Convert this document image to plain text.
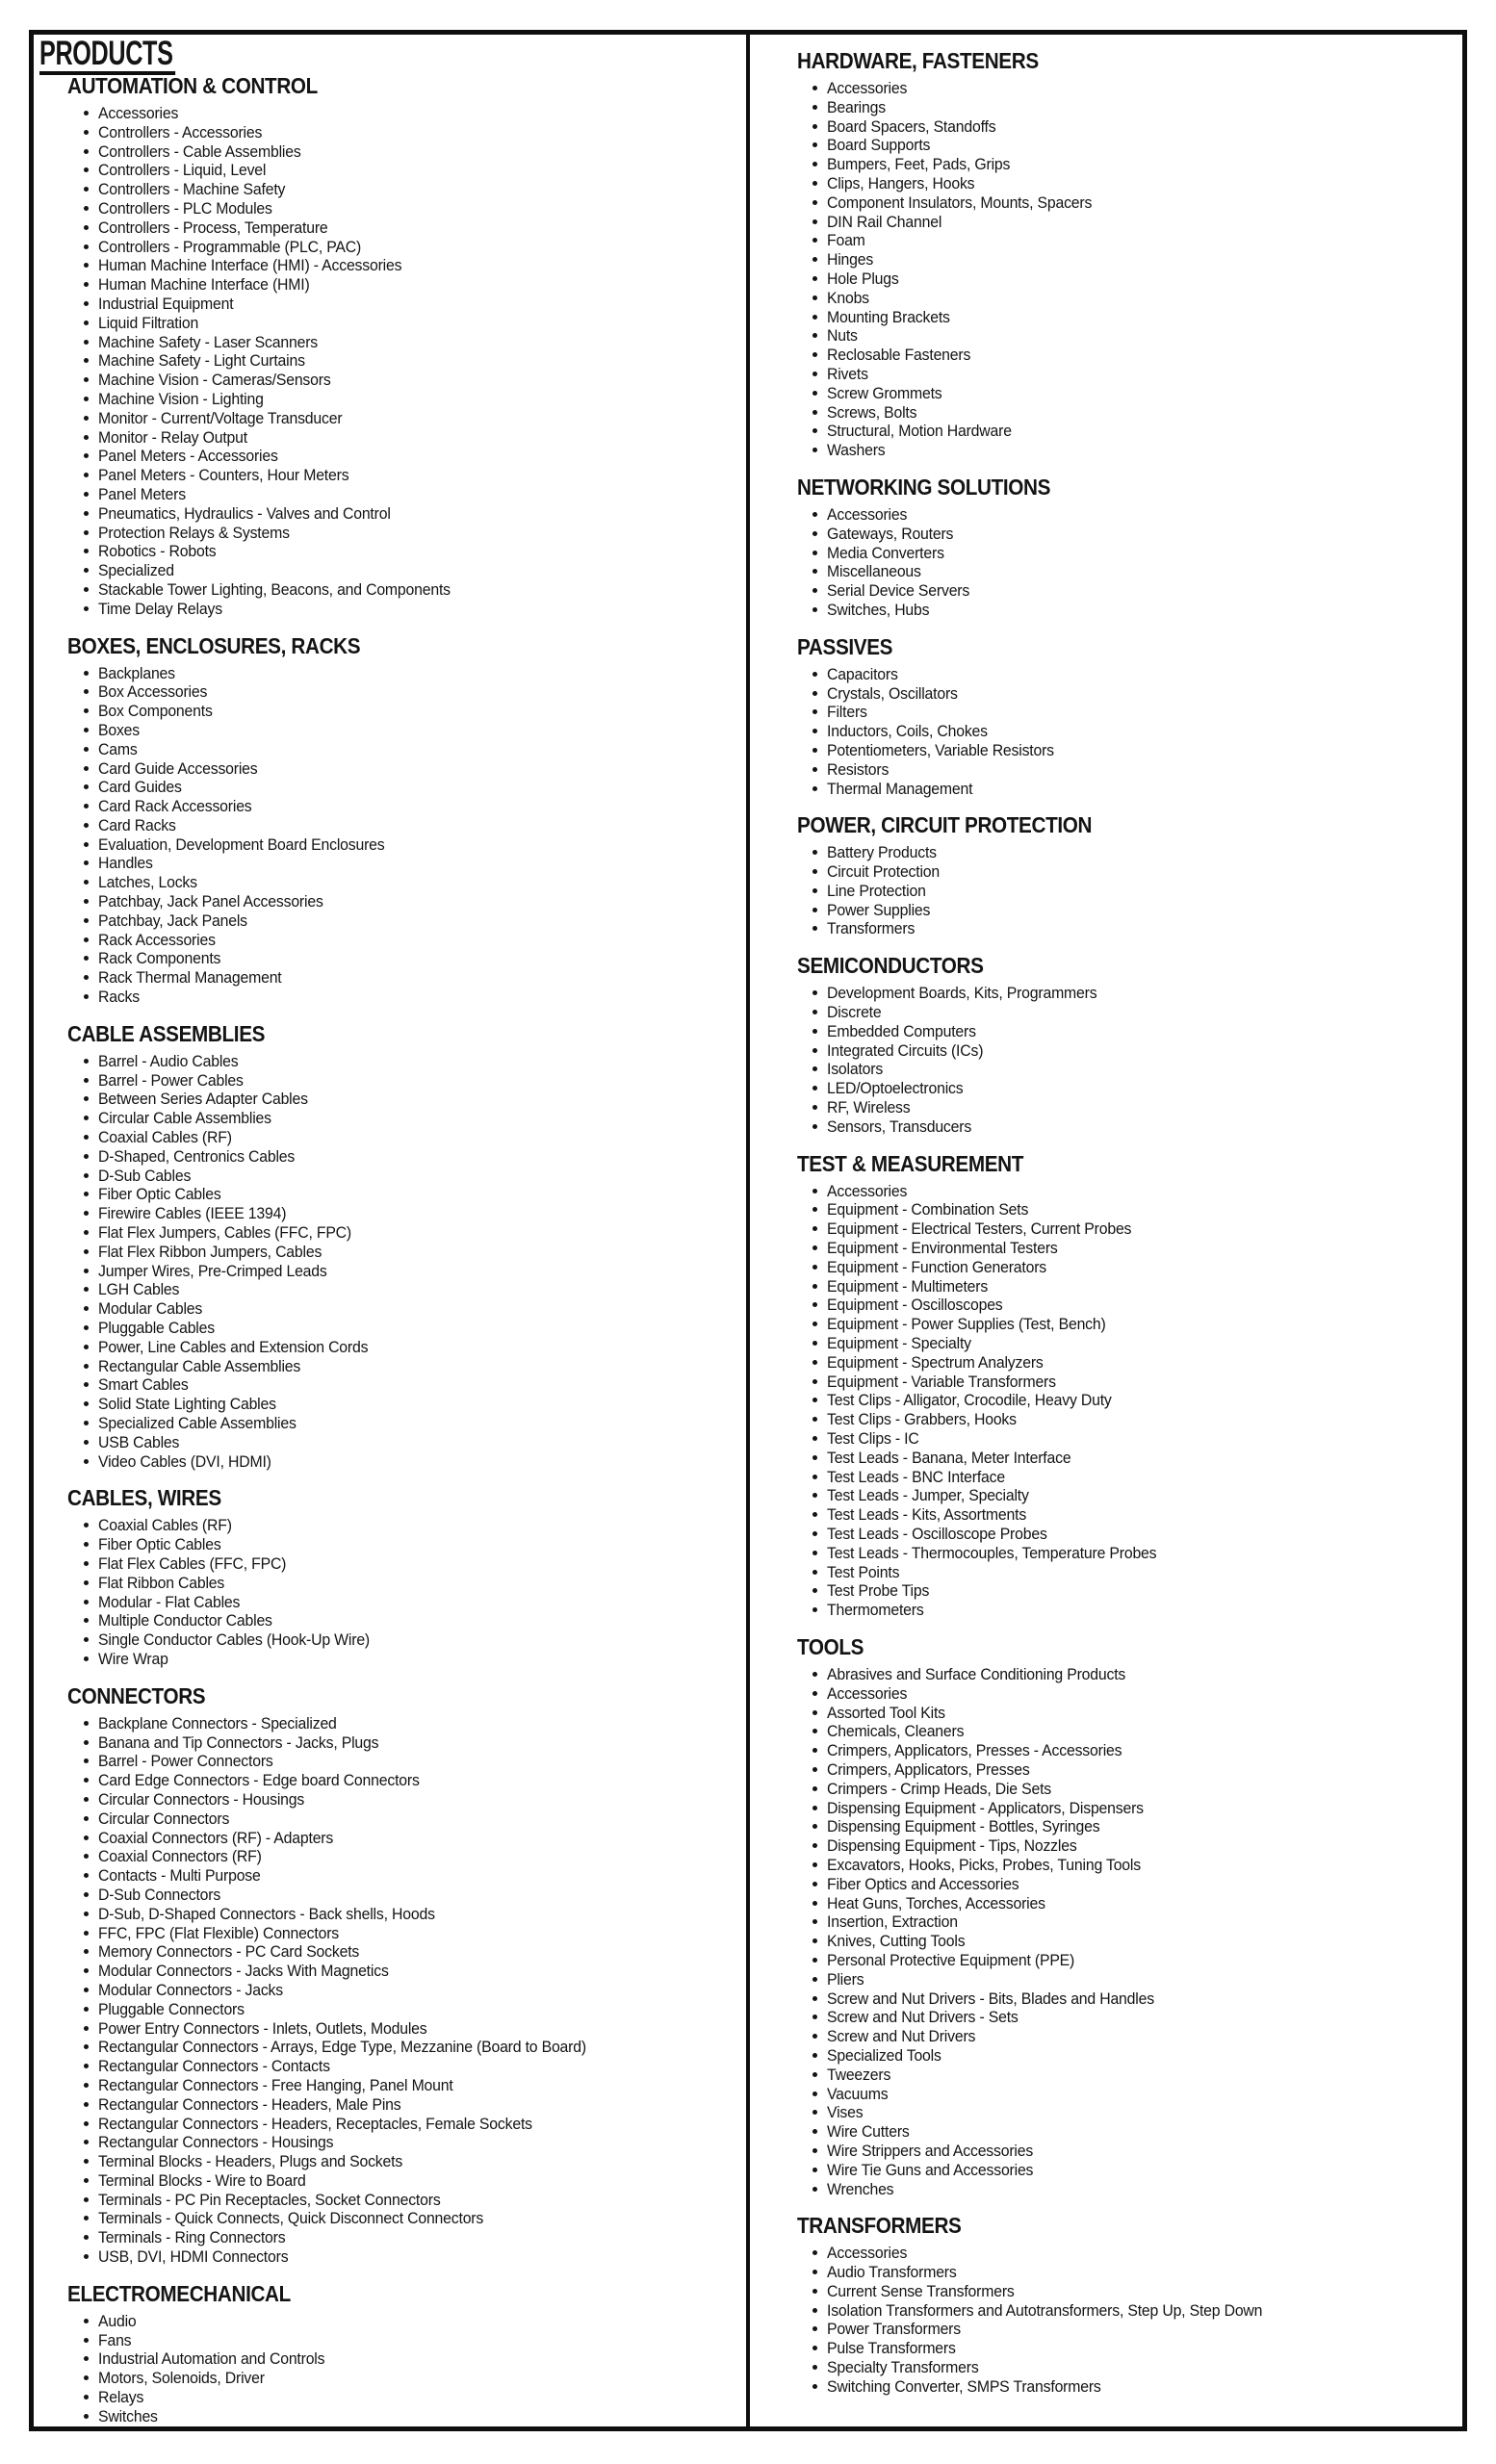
PRODUCTS
AUTOMATION & CONTROL
Accessories
Controllers - Accessories
Controllers - Cable Assemblies
Controllers - Liquid, Level
Controllers - Machine Safety
Controllers - PLC Modules
Controllers - Process, Temperature
Controllers - Programmable (PLC, PAC)
Human Machine Interface (HMI) - Accessories
Human Machine Interface (HMI)
Industrial Equipment
Liquid Filtration
Machine Safety - Laser Scanners
Machine Safety - Light Curtains
Machine Vision - Cameras/Sensors
Machine Vision - Lighting
Monitor - Current/Voltage Transducer
Monitor - Relay Output
Panel Meters - Accessories
Panel Meters - Counters, Hour Meters
Panel Meters
Pneumatics, Hydraulics - Valves and Control
Protection Relays & Systems
Robotics - Robots
Specialized
Stackable Tower Lighting, Beacons, and Components
Time Delay Relays
BOXES, ENCLOSURES, RACKS
Backplanes
Box Accessories
Box Components
Boxes
Cams
Card Guide Accessories
Card Guides
Card Rack Accessories
Card Racks
Evaluation, Development Board Enclosures
Handles
Latches, Locks
Patchbay, Jack Panel Accessories
Patchbay, Jack Panels
Rack Accessories
Rack Components
Rack Thermal Management
Racks
CABLE ASSEMBLIES
Barrel - Audio Cables
Barrel - Power Cables
Between Series Adapter Cables
Circular Cable Assemblies
Coaxial Cables (RF)
D-Shaped, Centronics Cables
D-Sub Cables
Fiber Optic Cables
Firewire Cables (IEEE 1394)
Flat Flex Jumpers, Cables (FFC, FPC)
Flat Flex Ribbon Jumpers, Cables
Jumper Wires, Pre-Crimped Leads
LGH Cables
Modular Cables
Pluggable Cables
Power, Line Cables and Extension Cords
Rectangular Cable Assemblies
Smart Cables
Solid State Lighting Cables
Specialized Cable Assemblies
USB Cables
Video Cables (DVI, HDMI)
CABLES, WIRES
Coaxial Cables (RF)
Fiber Optic Cables
Flat Flex Cables (FFC, FPC)
Flat Ribbon Cables
Modular - Flat Cables
Multiple Conductor Cables
Single Conductor Cables (Hook-Up Wire)
Wire Wrap
CONNECTORS
Backplane Connectors - Specialized
Banana and Tip Connectors - Jacks, Plugs
Barrel - Power Connectors
Card Edge Connectors - Edge board Connectors
Circular Connectors - Housings
Circular Connectors
Coaxial Connectors (RF) - Adapters
Coaxial Connectors (RF)
Contacts - Multi Purpose
D-Sub Connectors
D-Sub, D-Shaped Connectors - Back shells, Hoods
FFC, FPC (Flat Flexible) Connectors
Memory Connectors - PC Card Sockets
Modular Connectors - Jacks With Magnetics
Modular Connectors - Jacks
Pluggable Connectors
Power Entry Connectors - Inlets, Outlets, Modules
Rectangular Connectors - Arrays, Edge Type, Mezzanine (Board to Board)
Rectangular Connectors - Contacts
Rectangular Connectors - Free Hanging, Panel Mount
Rectangular Connectors - Headers, Male Pins
Rectangular Connectors - Headers, Receptacles, Female Sockets
Rectangular Connectors - Housings
Terminal Blocks - Headers, Plugs and Sockets
Terminal Blocks - Wire to Board
Terminals - PC Pin Receptacles, Socket Connectors
Terminals - Quick Connects, Quick Disconnect Connectors
Terminals - Ring Connectors
USB, DVI, HDMI Connectors
ELECTROMECHANICAL
Audio
Fans
Industrial Automation and Controls
Motors, Solenoids, Driver
Relays
Switches
HARDWARE, FASTENERS
Accessories
Bearings
Board Spacers, Standoffs
Board Supports
Bumpers, Feet, Pads, Grips
Clips, Hangers, Hooks
Component Insulators, Mounts, Spacers
DIN Rail Channel
Foam
Hinges
Hole Plugs
Knobs
Mounting Brackets
Nuts
Reclosable Fasteners
Rivets
Screw Grommets
Screws, Bolts
Structural, Motion Hardware
Washers
NETWORKING SOLUTIONS
Accessories
Gateways, Routers
Media Converters
Miscellaneous
Serial Device Servers
Switches, Hubs
PASSIVES
Capacitors
Crystals, Oscillators
Filters
Inductors, Coils, Chokes
Potentiometers, Variable Resistors
Resistors
Thermal Management
POWER, CIRCUIT PROTECTION
Battery Products
Circuit Protection
Line Protection
Power Supplies
Transformers
SEMICONDUCTORS
Development Boards, Kits, Programmers
Discrete
Embedded Computers
Integrated Circuits (ICs)
Isolators
LED/Optoelectronics
RF, Wireless
Sensors, Transducers
TEST & MEASUREMENT
Accessories
Equipment - Combination Sets
Equipment - Electrical Testers, Current Probes
Equipment - Environmental Testers
Equipment - Function Generators
Equipment - Multimeters
Equipment - Oscilloscopes
Equipment - Power Supplies (Test, Bench)
Equipment - Specialty
Equipment - Spectrum Analyzers
Equipment - Variable Transformers
Test Clips - Alligator, Crocodile, Heavy Duty
Test Clips - Grabbers, Hooks
Test Clips - IC
Test Leads - Banana, Meter Interface
Test Leads - BNC Interface
Test Leads - Jumper, Specialty
Test Leads - Kits, Assortments
Test Leads - Oscilloscope Probes
Test Leads - Thermocouples, Temperature Probes
Test Points
Test Probe Tips
Thermometers
TOOLS
Abrasives and Surface Conditioning Products
Accessories
Assorted Tool Kits
Chemicals, Cleaners
Crimpers, Applicators, Presses - Accessories
Crimpers, Applicators, Presses
Crimpers - Crimp Heads, Die Sets
Dispensing Equipment - Applicators, Dispensers
Dispensing Equipment - Bottles, Syringes
Dispensing Equipment - Tips, Nozzles
Excavators, Hooks, Picks, Probes, Tuning Tools
Fiber Optics and Accessories
Heat Guns, Torches, Accessories
Insertion, Extraction
Knives, Cutting Tools
Personal Protective Equipment (PPE)
Pliers
Screw and Nut Drivers - Bits, Blades and Handles
Screw and Nut Drivers - Sets
Screw and Nut Drivers
Specialized Tools
Tweezers
Vacuums
Vises
Wire Cutters
Wire Strippers and Accessories
Wire Tie Guns and Accessories
Wrenches
TRANSFORMERS
Accessories
Audio Transformers
Current Sense Transformers
Isolation Transformers and Autotransformers, Step Up, Step Down
Power Transformers
Pulse Transformers
Specialty Transformers
Switching Converter, SMPS Transformers
